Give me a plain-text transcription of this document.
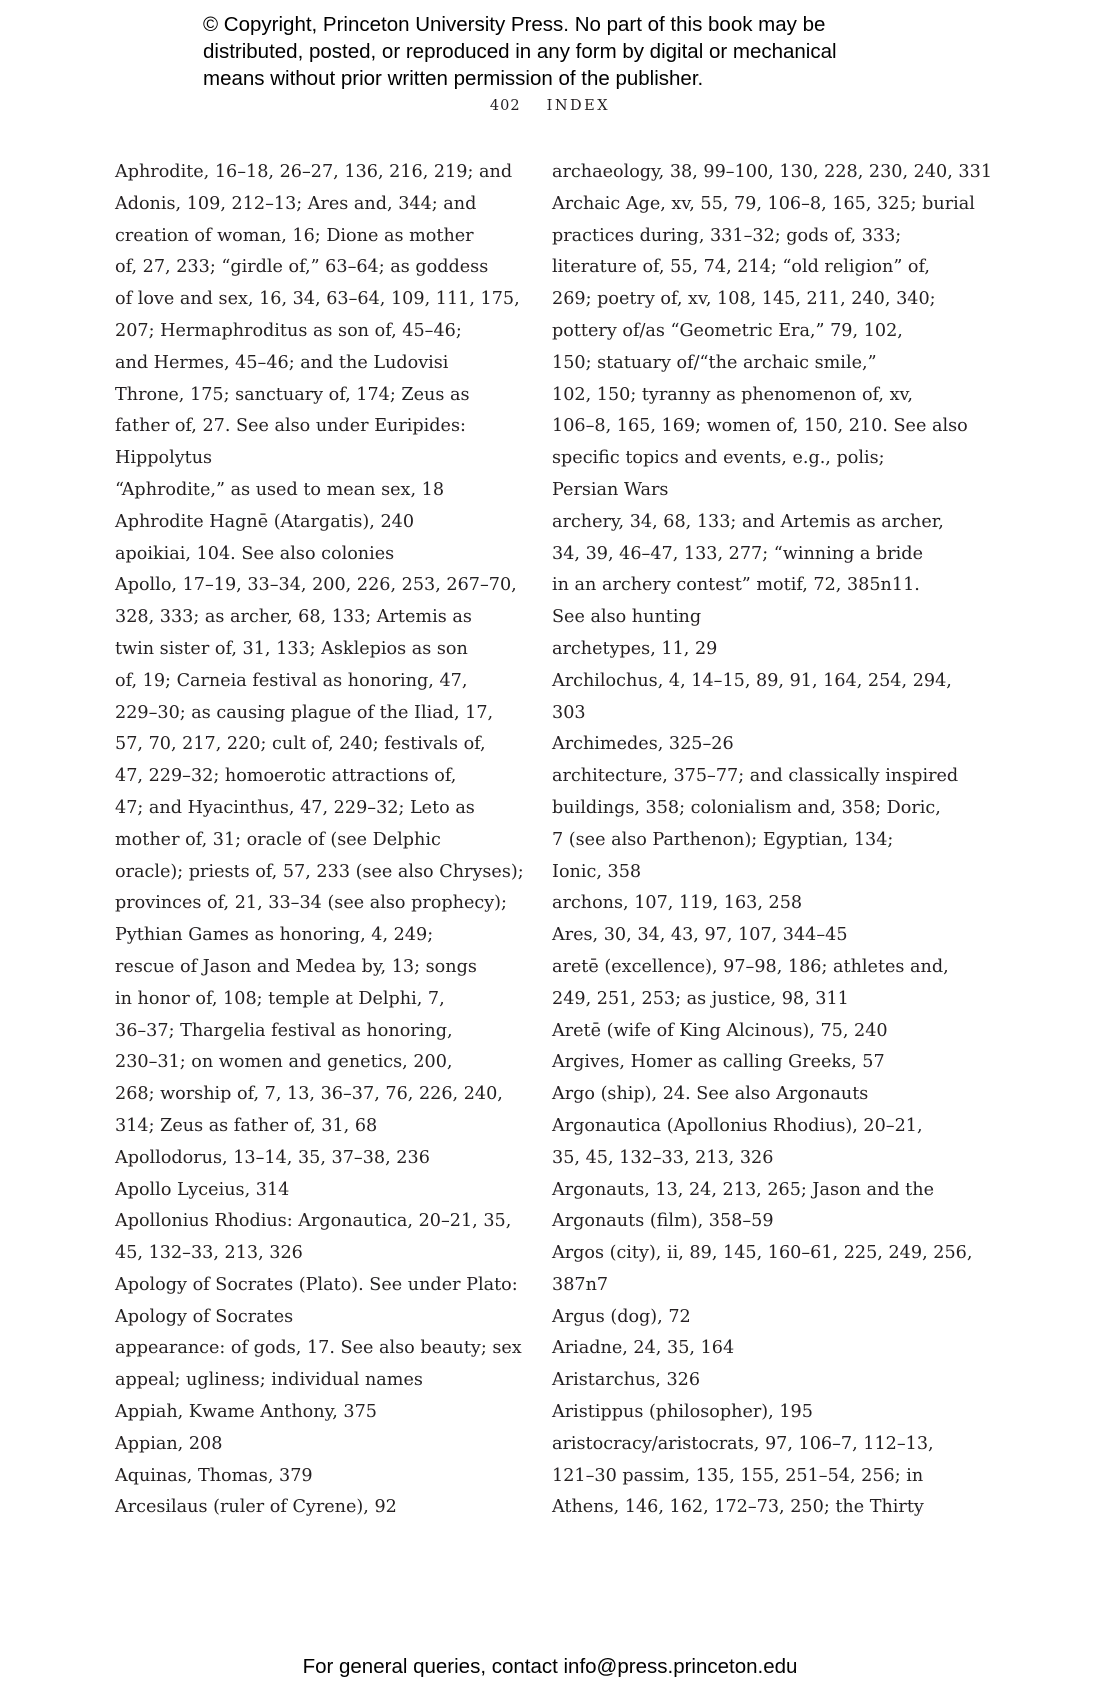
© Copyright, Princeton University Press. No part of this book may be
distributed, posted, or reproduced in any form by digital or mechanical
means without prior written permission of the publisher.
402 INDEX
Aphrodite, 16–18, 26–27, 136, 216, 219; and
Adonis, 109, 212–13; Ares and, 344; and
creation of woman, 16; Dione as mother
of, 27, 233; “girdle of,” 63–64; as goddess
of love and sex, 16, 34, 63–64, 109, 111, 175,
207; Hermaphroditus as son of, 45–46;
and Hermes, 45–46; and the Ludovisi
Throne, 175; sanctuary of, 174; Zeus as
father of, 27. See also under Euripides:
Hippolytus
“Aphrodite,” as used to mean sex, 18
Aphrodite Hagnē (Atargatis), 240
apoikiai, 104. See also colonies
Apollo, 17–19, 33–34, 200, 226, 253, 267–70,
328, 333; as archer, 68, 133; Artemis as
twin sister of, 31, 133; Asklepios as son
of, 19; Carneia festival as honoring, 47,
229–30; as causing plague of the Iliad, 17,
57, 70, 217, 220; cult of, 240; festivals of,
47, 229–32; homoerotic attractions of,
47; and Hyacinthus, 47, 229–32; Leto as
mother of, 31; oracle of (see Delphic
oracle); priests of, 57, 233 (see also Chryses);
provinces of, 21, 33–34 (see also prophecy);
Pythian Games as honoring, 4, 249;
rescue of Jason and Medea by, 13; songs
in honor of, 108; temple at Delphi, 7,
36–37; Thargelia festival as honoring,
230–31; on women and genetics, 200,
268; worship of, 7, 13, 36–37, 76, 226, 240,
314; Zeus as father of, 31, 68
Apollodorus, 13–14, 35, 37–38, 236
Apollo Lyceius, 314
Apollonius Rhodius: Argonautica, 20–21, 35,
45, 132–33, 213, 326
Apology of Socrates (Plato). See under Plato:
Apology of Socrates
appearance: of gods, 17. See also beauty; sex
appeal; ugliness; individual names
Appiah, Kwame Anthony, 375
Appian, 208
Aquinas, Thomas, 379
Arcesilaus (ruler of Cyrene), 92
archaeology, 38, 99–100, 130, 228, 230, 240, 331
Archaic Age, xv, 55, 79, 106–8, 165, 325; burial
practices during, 331–32; gods of, 333;
literature of, 55, 74, 214; “old religion” of,
269; poetry of, xv, 108, 145, 211, 240, 340;
pottery of/as “Geometric Era,” 79, 102,
150; statuary of/“the archaic smile,”
102, 150; tyranny as phenomenon of, xv,
106–8, 165, 169; women of, 150, 210. See also
specific topics and events, e.g., polis;
Persian Wars
archery, 34, 68, 133; and Artemis as archer,
34, 39, 46–47, 133, 277; “winning a bride
in an archery contest” motif, 72, 385n11.
See also hunting
archetypes, 11, 29
Archilochus, 4, 14–15, 89, 91, 164, 254, 294,
303
Archimedes, 325–26
architecture, 375–77; and classically inspired
buildings, 358; colonialism and, 358; Doric,
7 (see also Parthenon); Egyptian, 134;
Ionic, 358
archons, 107, 119, 163, 258
Ares, 30, 34, 43, 97, 107, 344–45
aretē (excellence), 97–98, 186; athletes and,
249, 251, 253; as justice, 98, 311
Aretē (wife of King Alcinous), 75, 240
Argives, Homer as calling Greeks, 57
Argo (ship), 24. See also Argonauts
Argonautica (Apollonius Rhodius), 20–21,
35, 45, 132–33, 213, 326
Argonauts, 13, 24, 213, 265; Jason and the
Argonauts (film), 358–59
Argos (city), ii, 89, 145, 160–61, 225, 249, 256,
387n7
Argus (dog), 72
Ariadne, 24, 35, 164
Aristarchus, 326
Aristippus (philosopher), 195
aristocracy/aristocrats, 97, 106–7, 112–13,
121–30 passim, 135, 155, 251–54, 256; in
Athens, 146, 162, 172–73, 250; the Thirty
For general queries, contact info@press.princeton.edu
